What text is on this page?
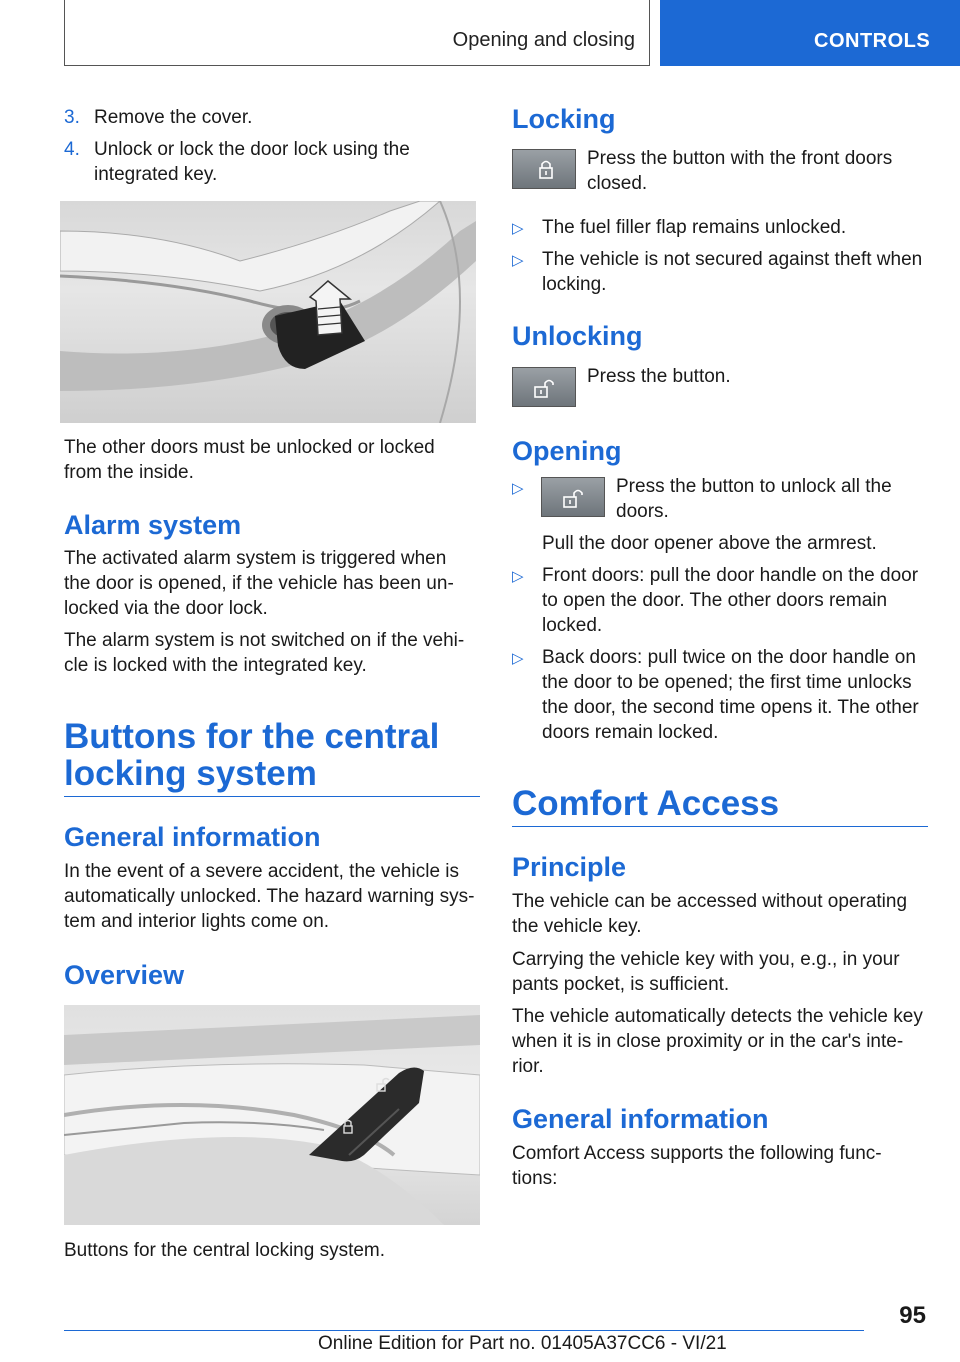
Opening and closing	CONTROLS
3. Remove the cover.
4. Unlock or lock the door lock using the
integrated key.
The other doors must be unlocked or locked
from the inside.
Alarm system
The activated alarm system is triggered when
the door is opened, if the vehicle has been un‐
locked via the door lock.
The alarm system is not switched on if the vehi‐
cle is locked with the integrated key.
Buttons for the central
locking system
General information
In the event of a severe accident, the vehicle is
automatically unlocked. The hazard warning sys‐
tem and interior lights come on.
Overview
Buttons for the central locking system.
Locking
Press the button with the front doors
closed.
▷ The fuel filler flap remains unlocked.
▷ The vehicle is not secured against theft when
locking.
Unlocking
Press the button.
Opening
▷	Press the button to unlock all the
doors.
Pull the door opener above the armrest.
▷ Front doors: pull the door handle on the door
to open the door. The other doors remain
locked.
▷ Back doors: pull twice on the door handle on
the door to be opened; the first time unlocks
the door, the second time opens it. The other
doors remain locked.
Comfort Access
Principle
The vehicle can be accessed without operating
the vehicle key.
Carrying the vehicle key with you, e.g., in your
pants pocket, is sufficient.
The vehicle automatically detects the vehicle key
when it is in close proximity or in the car's inte‐
rior.
General information
Comfort Access supports the following func‐
tions:
95
Online Edition for Part no. 01405A37CC6 - VI/21
